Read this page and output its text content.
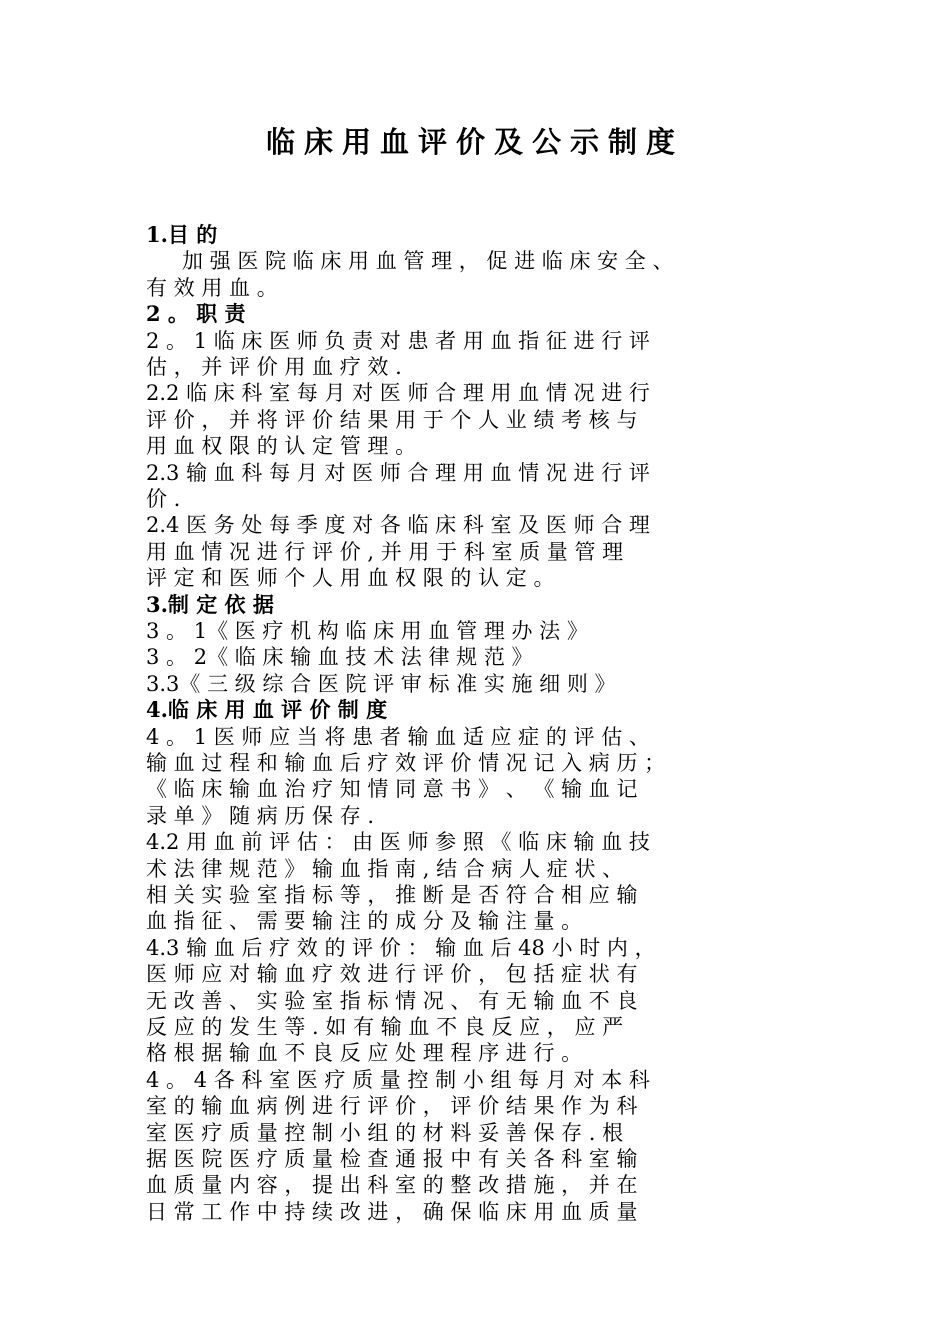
临床用血评价及公示制度
1.目 的
加 强 医 院 临 床 用 血 管 理 ， 促 进 临 床 安 全 、
有 效 用 血 。
2 。 职 责
2 。 1 临 床 医 师 负 责 对 患 者 用 血 指 征 进 行 评
估 ， 并 评 价 用 血 疗 效 .
2.2 临 床 科 室 每 月 对 医 师 合 理 用 血 情 况 进 行
评 价 ， 并 将 评 价 结 果 用 于 个 人 业 绩 考 核 与
用 血 权 限 的 认 定 管 理 。
2.3 输 血 科 每 月 对 医 师 合 理 用 血 情 况 进 行 评
价 .
2.4 医 务 处 每 季 度 对 各 临 床 科 室 及 医 师 合 理
用 血 情 况 进 行 评 价 , 并 用 于 科 室 质 量 管 理
评 定 和 医 师 个 人 用 血 权 限 的 认 定 。
3.制 定 依 据
3 。 1《 医 疗 机 构 临 床 用 血 管 理 办 法 》
3 。 2《 临 床 输 血 技 术 法 律 规 范 》
3.3《 三 级 综 合 医 院 评 审 标 准 实 施 细 则 》
4.临 床 用 血 评 价 制 度
4 。 1 医 师 应 当 将 患 者 输 血 适 应 症 的 评 估 、
输 血 过 程 和 输 血 后 疗 效 评 价 情 况 记 入 病 历 ；
《 临 床 输 血 治 疗 知 情 同 意 书 》 、 《 输 血 记
录 单 》 随 病 历 保 存 .
4.2 用 血 前 评 估 ： 由 医 师 参 照 《 临 床 输 血 技
术 法 律 规 范 》 输 血 指 南 , 结 合 病 人 症 状 、
相 关 实 验 室 指 标 等 ， 推 断 是 否 符 合 相 应 输
血 指 征 、 需 要 输 注 的 成 分 及 输 注 量 。
4.3 输 血 后 疗 效 的 评 价 ： 输 血 后 48 小 时 内 ，
医 师 应 对 输 血 疗 效 进 行 评 价 ， 包 括 症 状 有
无 改 善 、 实 验 室 指 标 情 况 、 有 无 输 血 不 良
反 应 的 发 生 等 . 如 有 输 血 不 良 反 应 ， 应 严
格 根 据 输 血 不 良 反 应 处 理 程 序 进 行 。
4 。 4 各 科 室 医 疗 质 量 控 制 小 组 每 月 对 本 科
室 的 输 血 病 例 进 行 评 价 ， 评 价 结 果 作 为 科
室 医 疗 质 量 控 制 小 组 的 材 料 妥 善 保 存 . 根
据 医 院 医 疗 质 量 检 查 通 报 中 有 关 各 科 室 输
血 质 量 内 容 ， 提 出 科 室 的 整 改 措 施 ， 并 在
日 常 工 作 中 持 续 改 进 ， 确 保 临 床 用 血 质 量
